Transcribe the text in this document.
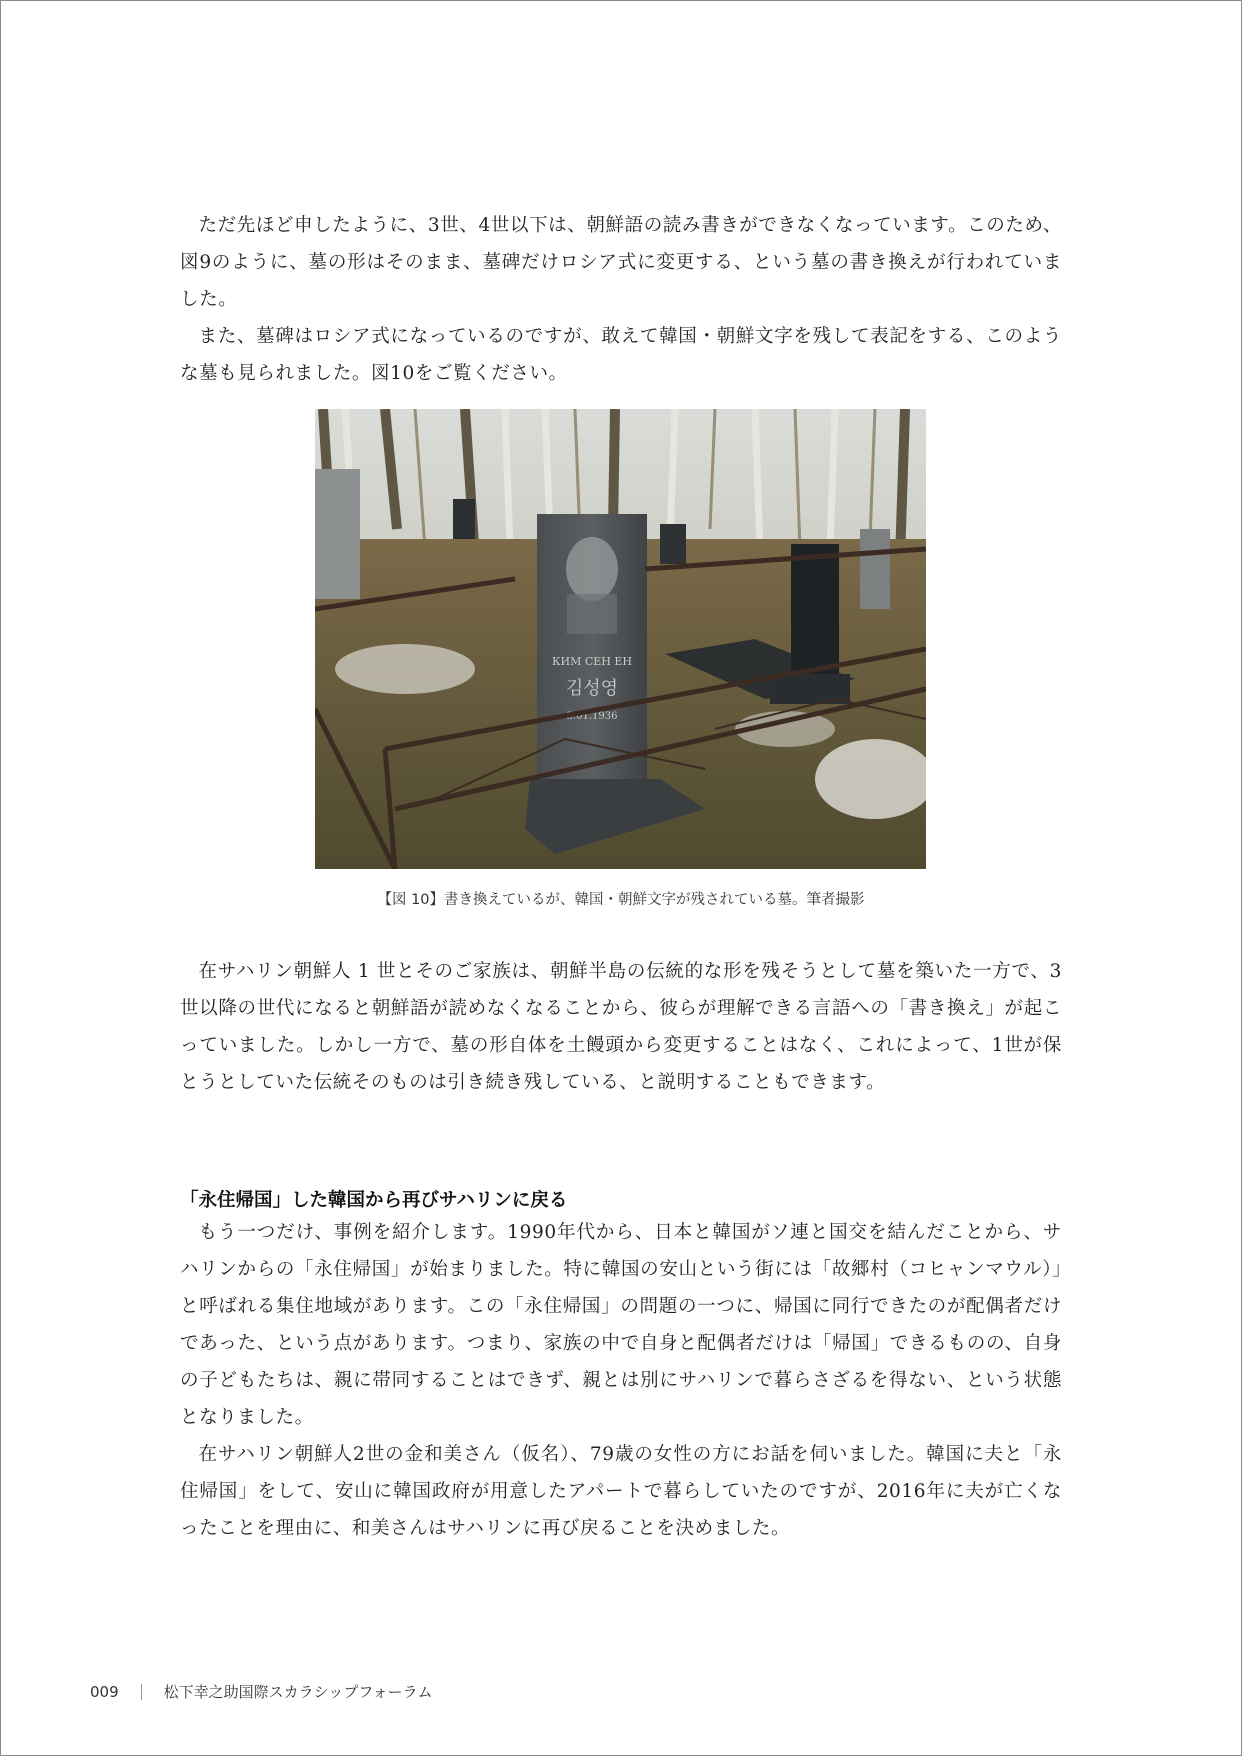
ただ先ほど申したように、3世、4世以下は、朝鮮語の読み書きができなくなっています。このため、図9のように、墓の形はそのまま、墓碑だけロシア式に変更する、という墓の書き換えが行われていました。

また、墓碑はロシア式になっているのですが、敢えて韓国・朝鮮文字を残して表記をする、このような墓も見られました。図10をご覧ください。

КИМ СЕН ЕН
김성영
3.01.1936
【図 10】書き換えているが、韓国・朝鮮文字が残されている墓。筆者撮影

在サハリン朝鮮人 1 世とそのご家族は、朝鮮半島の伝統的な形を残そうとして墓を築いた一方で、3世以降の世代になると朝鮮語が読めなくなることから、彼らが理解できる言語への「書き換え」が起こっていました。しかし一方で、墓の形自体を土饅頭から変更することはなく、これによって、1世が保とうとしていた伝統そのものは引き続き残している、と説明することもできます。

「永住帰国」した韓国から再びサハリンに戻る

もう一つだけ、事例を紹介します。1990年代から、日本と韓国がソ連と国交を結んだことから、サハリンからの「永住帰国」が始まりました。特に韓国の安山という街には「故郷村（コヒャンマウル）」と呼ばれる集住地域があります。この「永住帰国」の問題の一つに、帰国に同行できたのが配偶者だけであった、という点があります。つまり、家族の中で自身と配偶者だけは「帰国」できるものの、自身の子どもたちは、親に帯同することはできず、親とは別にサハリンで暮らさざるを得ない、という状態となりました。

在サハリン朝鮮人2世の金和美さん（仮名）、79歳の女性の方にお話を伺いました。韓国に夫と「永住帰国」をして、安山に韓国政府が用意したアパートで暮らしていたのですが、2016年に夫が亡くなったことを理由に、和美さんはサハリンに再び戻ることを決めました。

009	松下幸之助国際スカラシップフォーラム
